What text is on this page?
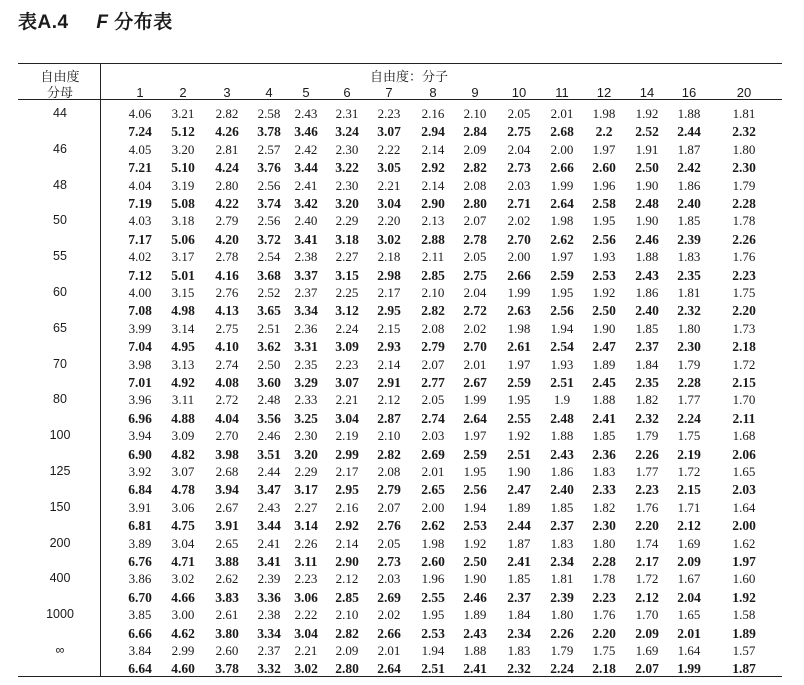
表A.4 F 分布表
自由度
分母
自由度：分子
1	2	3	4	5	6	7	8	9	10	11	12	14	16	20
44	4.06	3.21	2.82	2.58	2.43	2.31	2.23	2.16	2.10	2.05	2.01	1.98	1.92	1.88	1.81
7.24	5.12	4.26	3.78 3.46	3.24	3.07	2.94	2.84	2.75	2.68	2.2	2.52	2.44	2.32
46	4.05	3.20	2.81	2.57	2.42	2.30	2.22	2.14	2.09	2.04	2.00	1.97	1.91	1.87	1.80
7.21	5.10	4.24	3.76 3.44	3.22	3.05	2.92	2.82	2.73	2.66	2.60	2.50	2.42	2.30
48	4.04	3.19	2.80	2.56	2.41	2.30	2.21	2.14	2.08	2.03	1.99	1.96	1.90	1.86	1.79
7.19	5.08	4.22	3.74 3.42	3.20	3.04	2.90	2.80	2.71	2.64	2.58	2.48	2.40	2.28
50	4.03	3.18	2.79	2.56	2.40	2.29	2.20	2.13	2.07	2.02	1.98	1.95	1.90	1.85	1.78
7.17	5.06	4.20	3.72 3.41	3.18	3.02	2.88	2.78	2.70	2.62	2.56	2.46	2.39	2.26
55	4.02	3.17	2.78	2.54	2.38	2.27	2.18	2.11	2.05	2.00	1.97	1.93	1.88	1.83	1.76
7.12	5.01	4.16	3.68 3.37	3.15	2.98	2.85	2.75	2.66	2.59	2.53	2.43	2.35	2.23
60	4.00	3.15	2.76	2.52	2.37	2.25	2.17	2.10	2.04	1.99	1.95	1.92	1.86	1.81	1.75
7.08	4.98	4.13	3.65 3.34	3.12	2.95	2.82	2.72	2.63	2.56	2.50	2.40	2.32	2.20
65	3.99	3.14	2.75	2.51	2.36	2.24	2.15	2.08	2.02	1.98	1.94	1.90	1.85	1.80	1.73
7.04	4.95	4.10	3.62 3.31	3.09	2.93	2.79	2.70	2.61	2.54	2.47	2.37	2.30	2.18
70	3.98	3.13	2.74	2.50	2.35	2.23	2.14	2.07	2.01	1.97	1.93	1.89	1.84	1.79	1.72
7.01	4.92	4.08	3.60 3.29	3.07	2.91	2.77	2.67	2.59	2.51	2.45	2.35	2.28	2.15
80	3.96	3.11	2.72	2.48	2.33	2.21	2.12	2.05	1.99	1.95	1.9	1.88	1.82	1.77	1.70
6.96	4.88	4.04	3.56 3.25	3.04	2.87	2.74	2.64	2.55	2.48	2.41	2.32	2.24	2.11
100	3.94	3.09	2.70	2.46	2.30	2.19	2.10	2.03	1.97	1.92	1.88	1.85	1.79	1.75	1.68
6.90	4.82	3.98	3.51 3.20	2.99	2.82	2.69	2.59	2.51	2.43	2.36	2.26	2.19	2.06
125	3.92	3.07	2.68	2.44	2.29	2.17	2.08	2.01	1.95	1.90	1.86	1.83	1.77	1.72	1.65
6.84	4.78	3.94	3.47 3.17	2.95	2.79	2.65	2.56	2.47	2.40	2.33	2.23	2.15	2.03
150	3.91	3.06	2.67	2.43	2.27	2.16	2.07	2.00	1.94	1.89	1.85	1.82	1.76	1.71	1.64
6.81	4.75	3.91	3.44 3.14	2.92	2.76	2.62	2.53	2.44	2.37	2.30	2.20	2.12	2.00
200	3.89	3.04	2.65	2.41	2.26	2.14	2.05	1.98	1.92	1.87	1.83	1.80	1.74	1.69	1.62
6.76	4.71	3.88	3.41	3.11	2.90	2.73	2.60	2.50	2.41	2.34	2.28	2.17	2.09	1.97
400	3.86	3.02	2.62	2.39	2.23	2.12	2.03	1.96	1.90	1.85	1.81	1.78	1.72	1.67	1.60
6.70	4.66	3.83	3.36 3.06	2.85	2.69	2.55	2.46	2.37	2.39	2.23	2.12	2.04	1.92
1000	3.85	3.00	2.61	2.38	2.22	2.10	2.02	1.95	1.89	1.84	1.80	1.76	1.70	1.65	1.58
6.66	4.62	3.80	3.34 3.04	2.82	2.66	2.53	2.43	2.34	2.26	2.20	2.09	2.01	1.89
∞	3.84	2.99	2.60	2.37	2.21	2.09	2.01	1.94	1.88	1.83	1.79	1.75	1.69	1.64	1.57
6.64	4.60	3.78	3.32 3.02	2.80	2.64	2.51	2.41	2.32	2.24	2.18	2.07	1.99	1.87
